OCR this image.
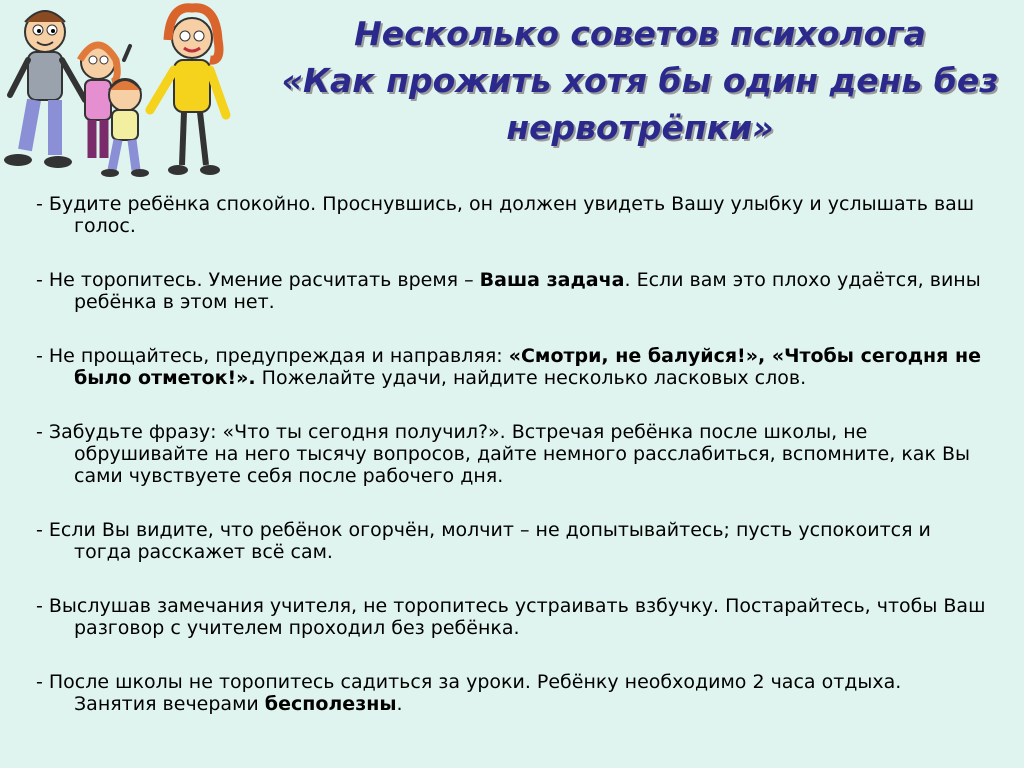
Несколько советов психолога
«Как прожить хотя бы один день без
нервотрёпки»

- Будите ребёнка спокойно. Проснувшись, он должен увидеть Вашу улыбку и услышать ваш голос.

- Не торопитесь. Умение расчитать время – Ваша задача. Если вам это плохо удаётся, вины ребёнка в этом нет.

- Не прощайтесь, предупреждая и направляя: «Смотри, не балуйся!», «Чтобы сегодня не было отметок!». Пожелайте удачи, найдите несколько ласковых слов.

- Забудьте фразу: «Что ты сегодня получил?». Встречая ребёнка после школы, не обрушивайте на него тысячу вопросов, дайте немного расслабиться, вспомните, как Вы сами чувствуете себя после рабочего дня.

- Если Вы видите, что ребёнок огорчён, молчит – не допытывайтесь; пусть успокоится и тогда расскажет всё сам.

- Выслушав замечания учителя, не торопитесь устраивать взбучку. Постарайтесь, чтобы Ваш разговор с учителем проходил без ребёнка.

- После школы не торопитесь садиться за уроки. Ребёнку необходимо 2 часа отдыха. Занятия вечерами бесполезны.
